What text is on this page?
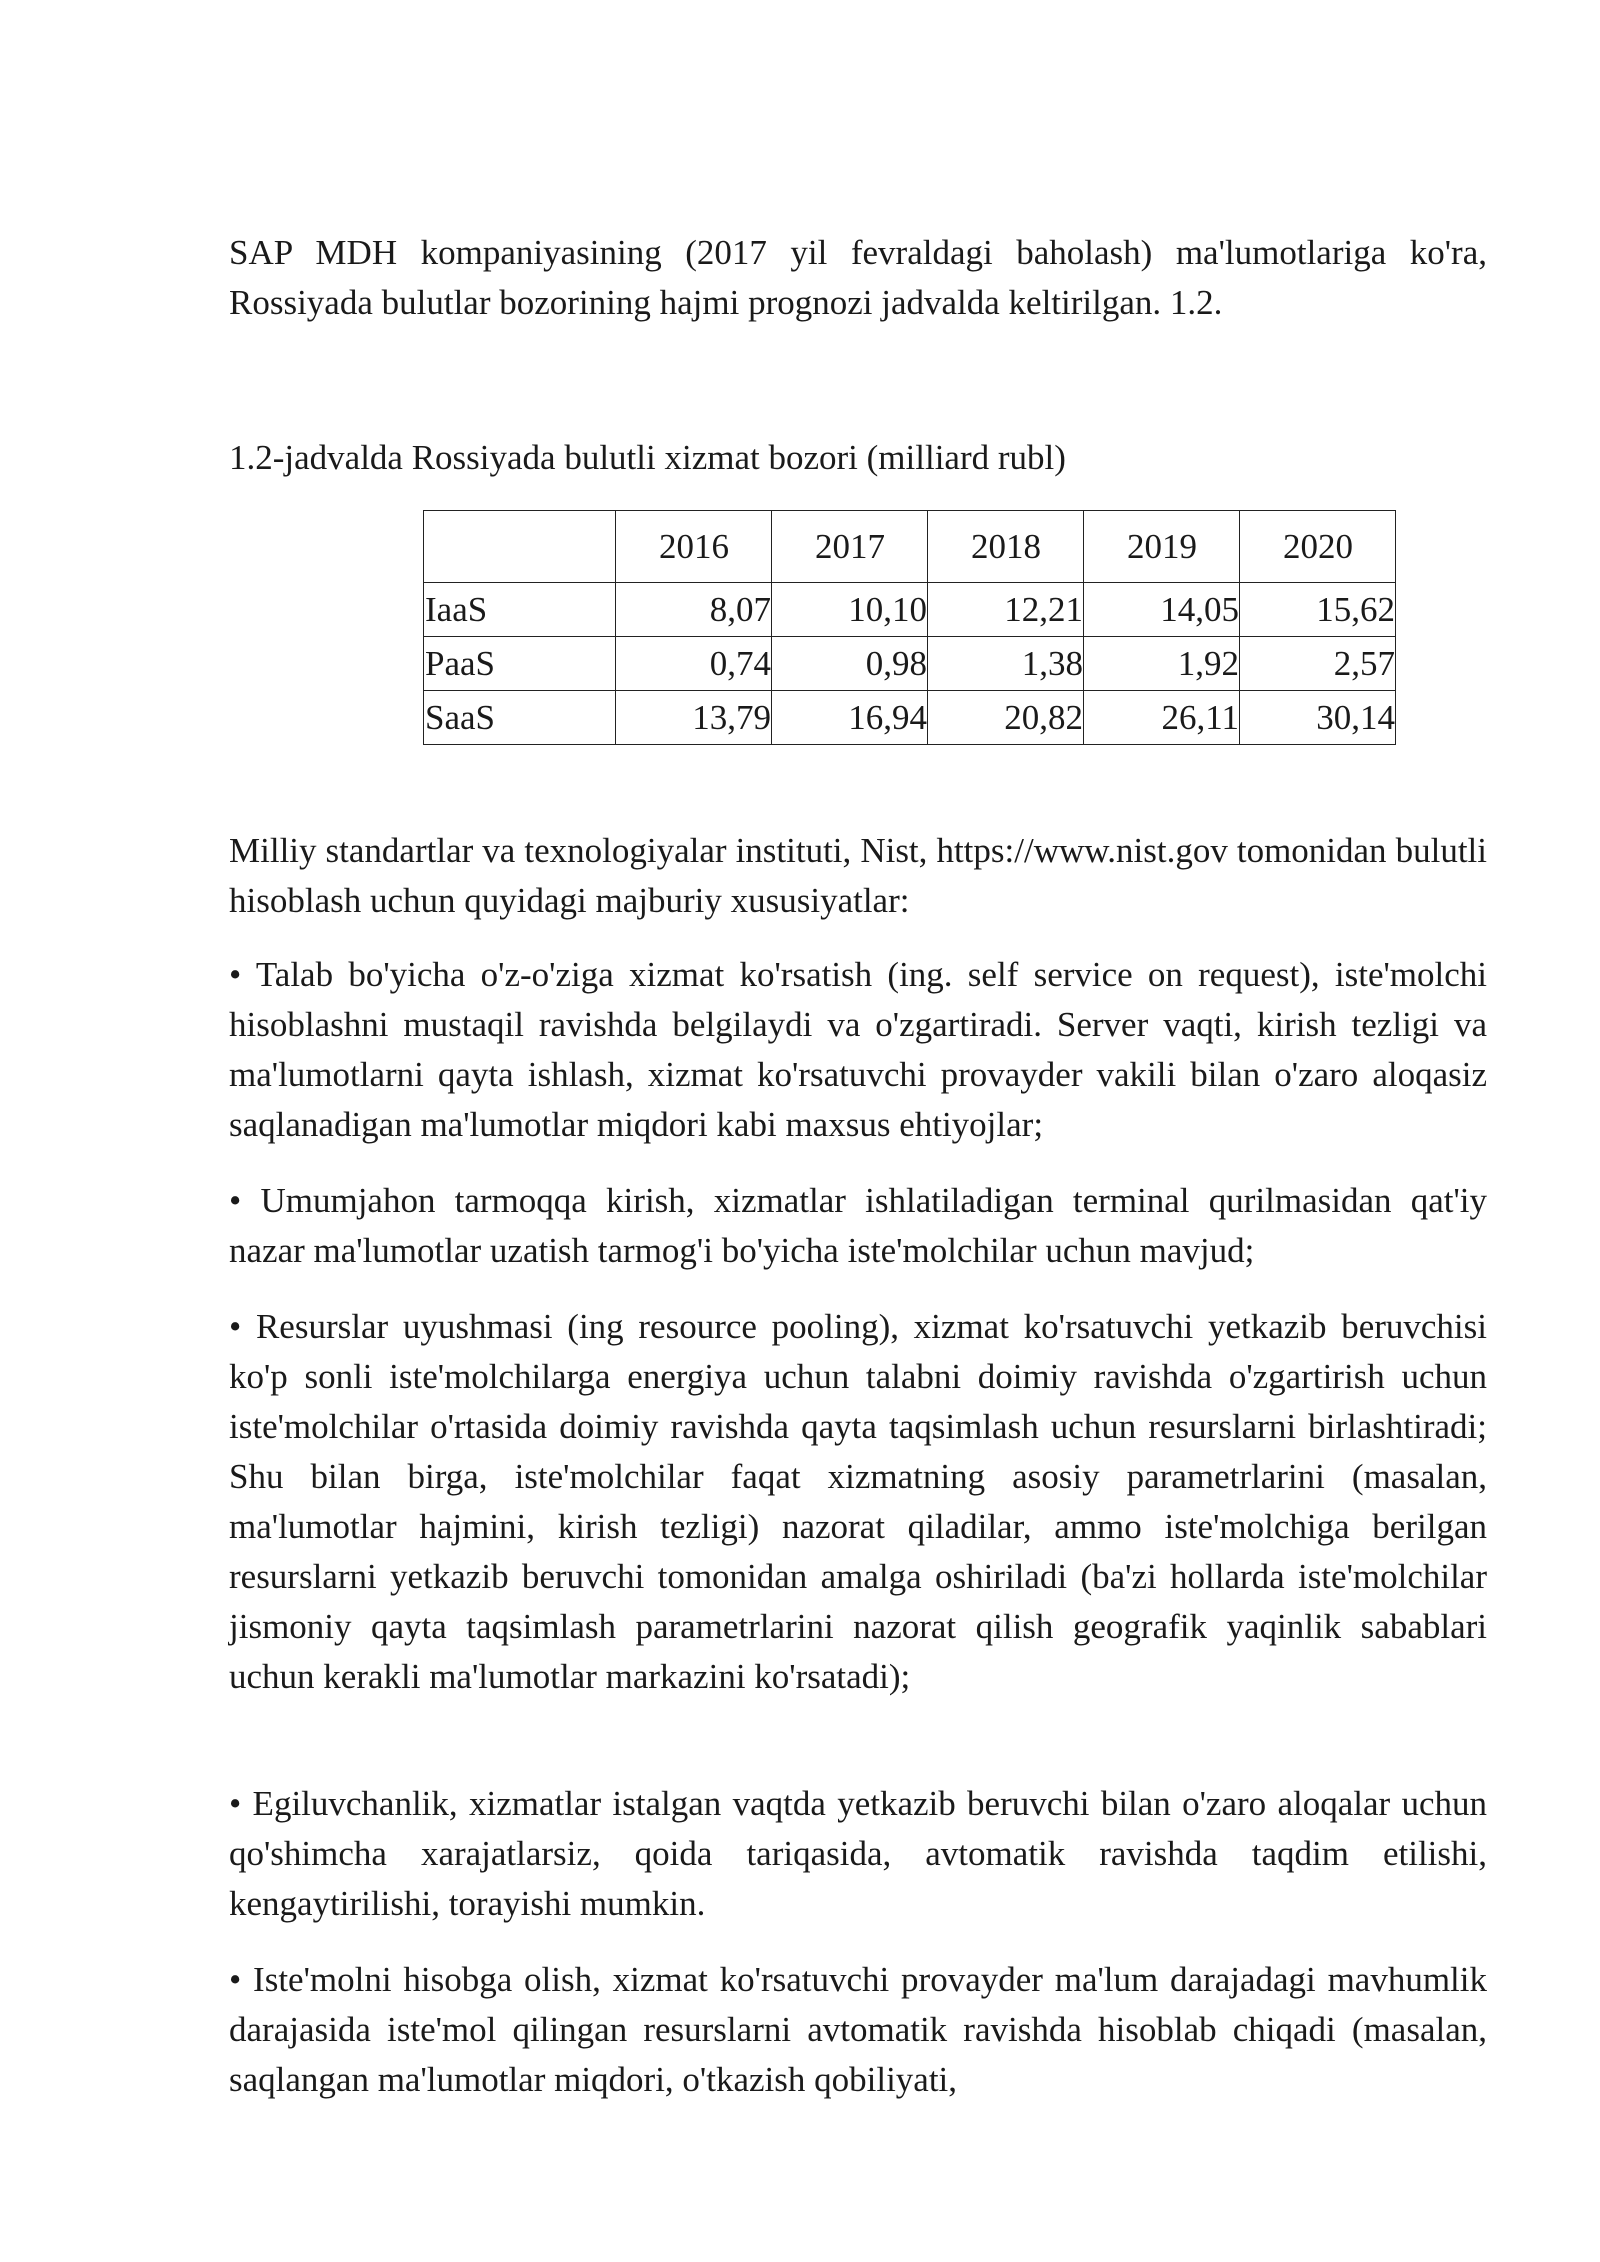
SAP MDH kompaniyasining (2017 yil fevraldagi baholash) ma'lumotlariga ko'ra, Rossiyada bulutlar bozorining hajmi prognozi jadvalda keltirilgan. 1.2.

1.2-jadvalda Rossiyada bulutli xizmat bozori (milliard rubl)

	2016	2017	2018	2019	2020
IaaS	8,07	10,10	12,21	14,05	15,62
PaaS	0,74	0,98	1,38	1,92	2,57
SaaS	13,79	16,94	20,82	26,11	30,14

Milliy standartlar va texnologiyalar instituti, Nist, https://www.nist.gov tomonidan bulutli hisoblash uchun quyidagi majburiy xususiyatlar:

• Talab bo'yicha o'z-o'ziga xizmat ko'rsatish (ing. self service on request), iste'molchi hisoblashni mustaqil ravishda belgilaydi va o'zgartiradi. Server vaqti, kirish tezligi va ma'lumotlarni qayta ishlash, xizmat ko'rsatuvchi provayder vakili bilan o'zaro aloqasiz saqlanadigan ma'lumotlar miqdori kabi maxsus ehtiyojlar;

• Umumjahon tarmoqqa kirish, xizmatlar ishlatiladigan terminal qurilmasidan qat'iy nazar ma'lumotlar uzatish tarmog'i bo'yicha iste'molchilar uchun mavjud;

• Resurslar uyushmasi (ing resource pooling), xizmat ko'rsatuvchi yetkazib beruvchisi ko'p sonli iste'molchilarga energiya uchun talabni doimiy ravishda o'zgartirish uchun iste'molchilar o'rtasida doimiy ravishda qayta taqsimlash uchun resurslarni birlashtiradi; Shu bilan birga, iste'molchilar faqat xizmatning asosiy parametrlarini (masalan, ma'lumotlar hajmini, kirish tezligi) nazorat qiladilar, ammo iste'molchiga berilgan resurslarni yetkazib beruvchi tomonidan amalga oshiriladi (ba'zi hollarda iste'molchilar jismoniy qayta taqsimlash parametrlarini nazorat qilish geografik yaqinlik sabablari uchun kerakli ma'lumotlar markazini ko'rsatadi);

• Egiluvchanlik, xizmatlar istalgan vaqtda yetkazib beruvchi bilan o'zaro aloqalar uchun qo'shimcha xarajatlarsiz, qoida tariqasida, avtomatik ravishda taqdim etilishi, kengaytirilishi, torayishi mumkin.

• Iste'molni hisobga olish, xizmat ko'rsatuvchi provayder ma'lum darajadagi mavhumlik darajasida iste'mol qilingan resurslarni avtomatik ravishda hisoblab chiqadi (masalan, saqlangan ma'lumotlar miqdori, o'tkazish qobiliyati,
